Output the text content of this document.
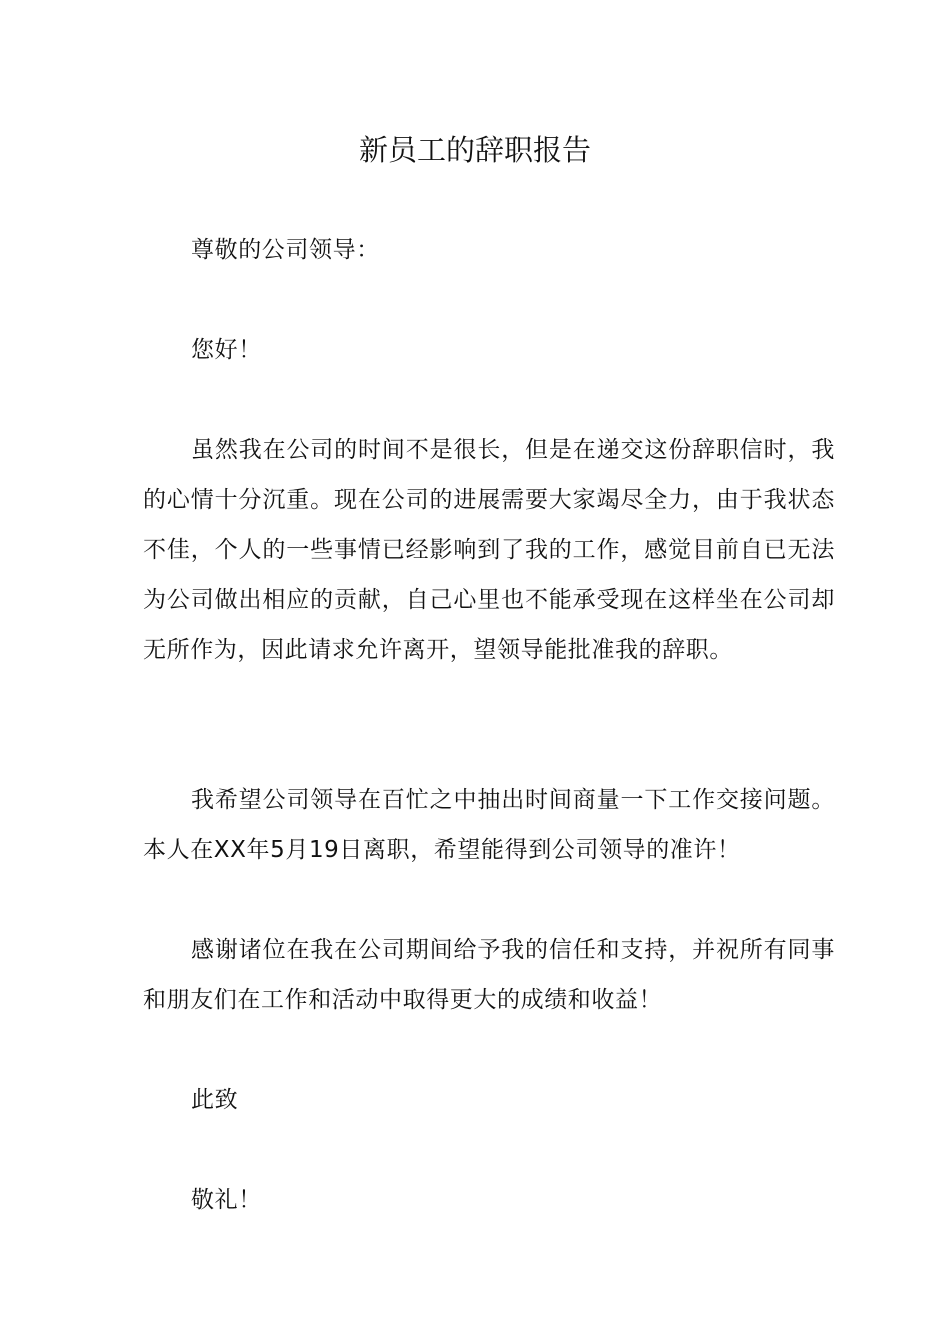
新员工的辞职报告

尊敬的公司领导：

您好！

虽然我在公司的时间不是很长，但是在递交这份辞职信时，我的心情十分沉重。现在公司的进展需要大家竭尽全力，由于我状态不佳，个人的一些事情已经影响到了我的工作，感觉目前自已无法为公司做出相应的贡献，自己心里也不能承受现在这样坐在公司却无所作为，因此请求允许离开，望领导能批准我的辞职。

我希望公司领导在百忙之中抽出时间商量一下工作交接问题。本人在XX年5月19日离职，希望能得到公司领导的准许！

感谢诸位在我在公司期间给予我的信任和支持，并祝所有同事和朋友们在工作和活动中取得更大的成绩和收益！

此致

敬礼！
